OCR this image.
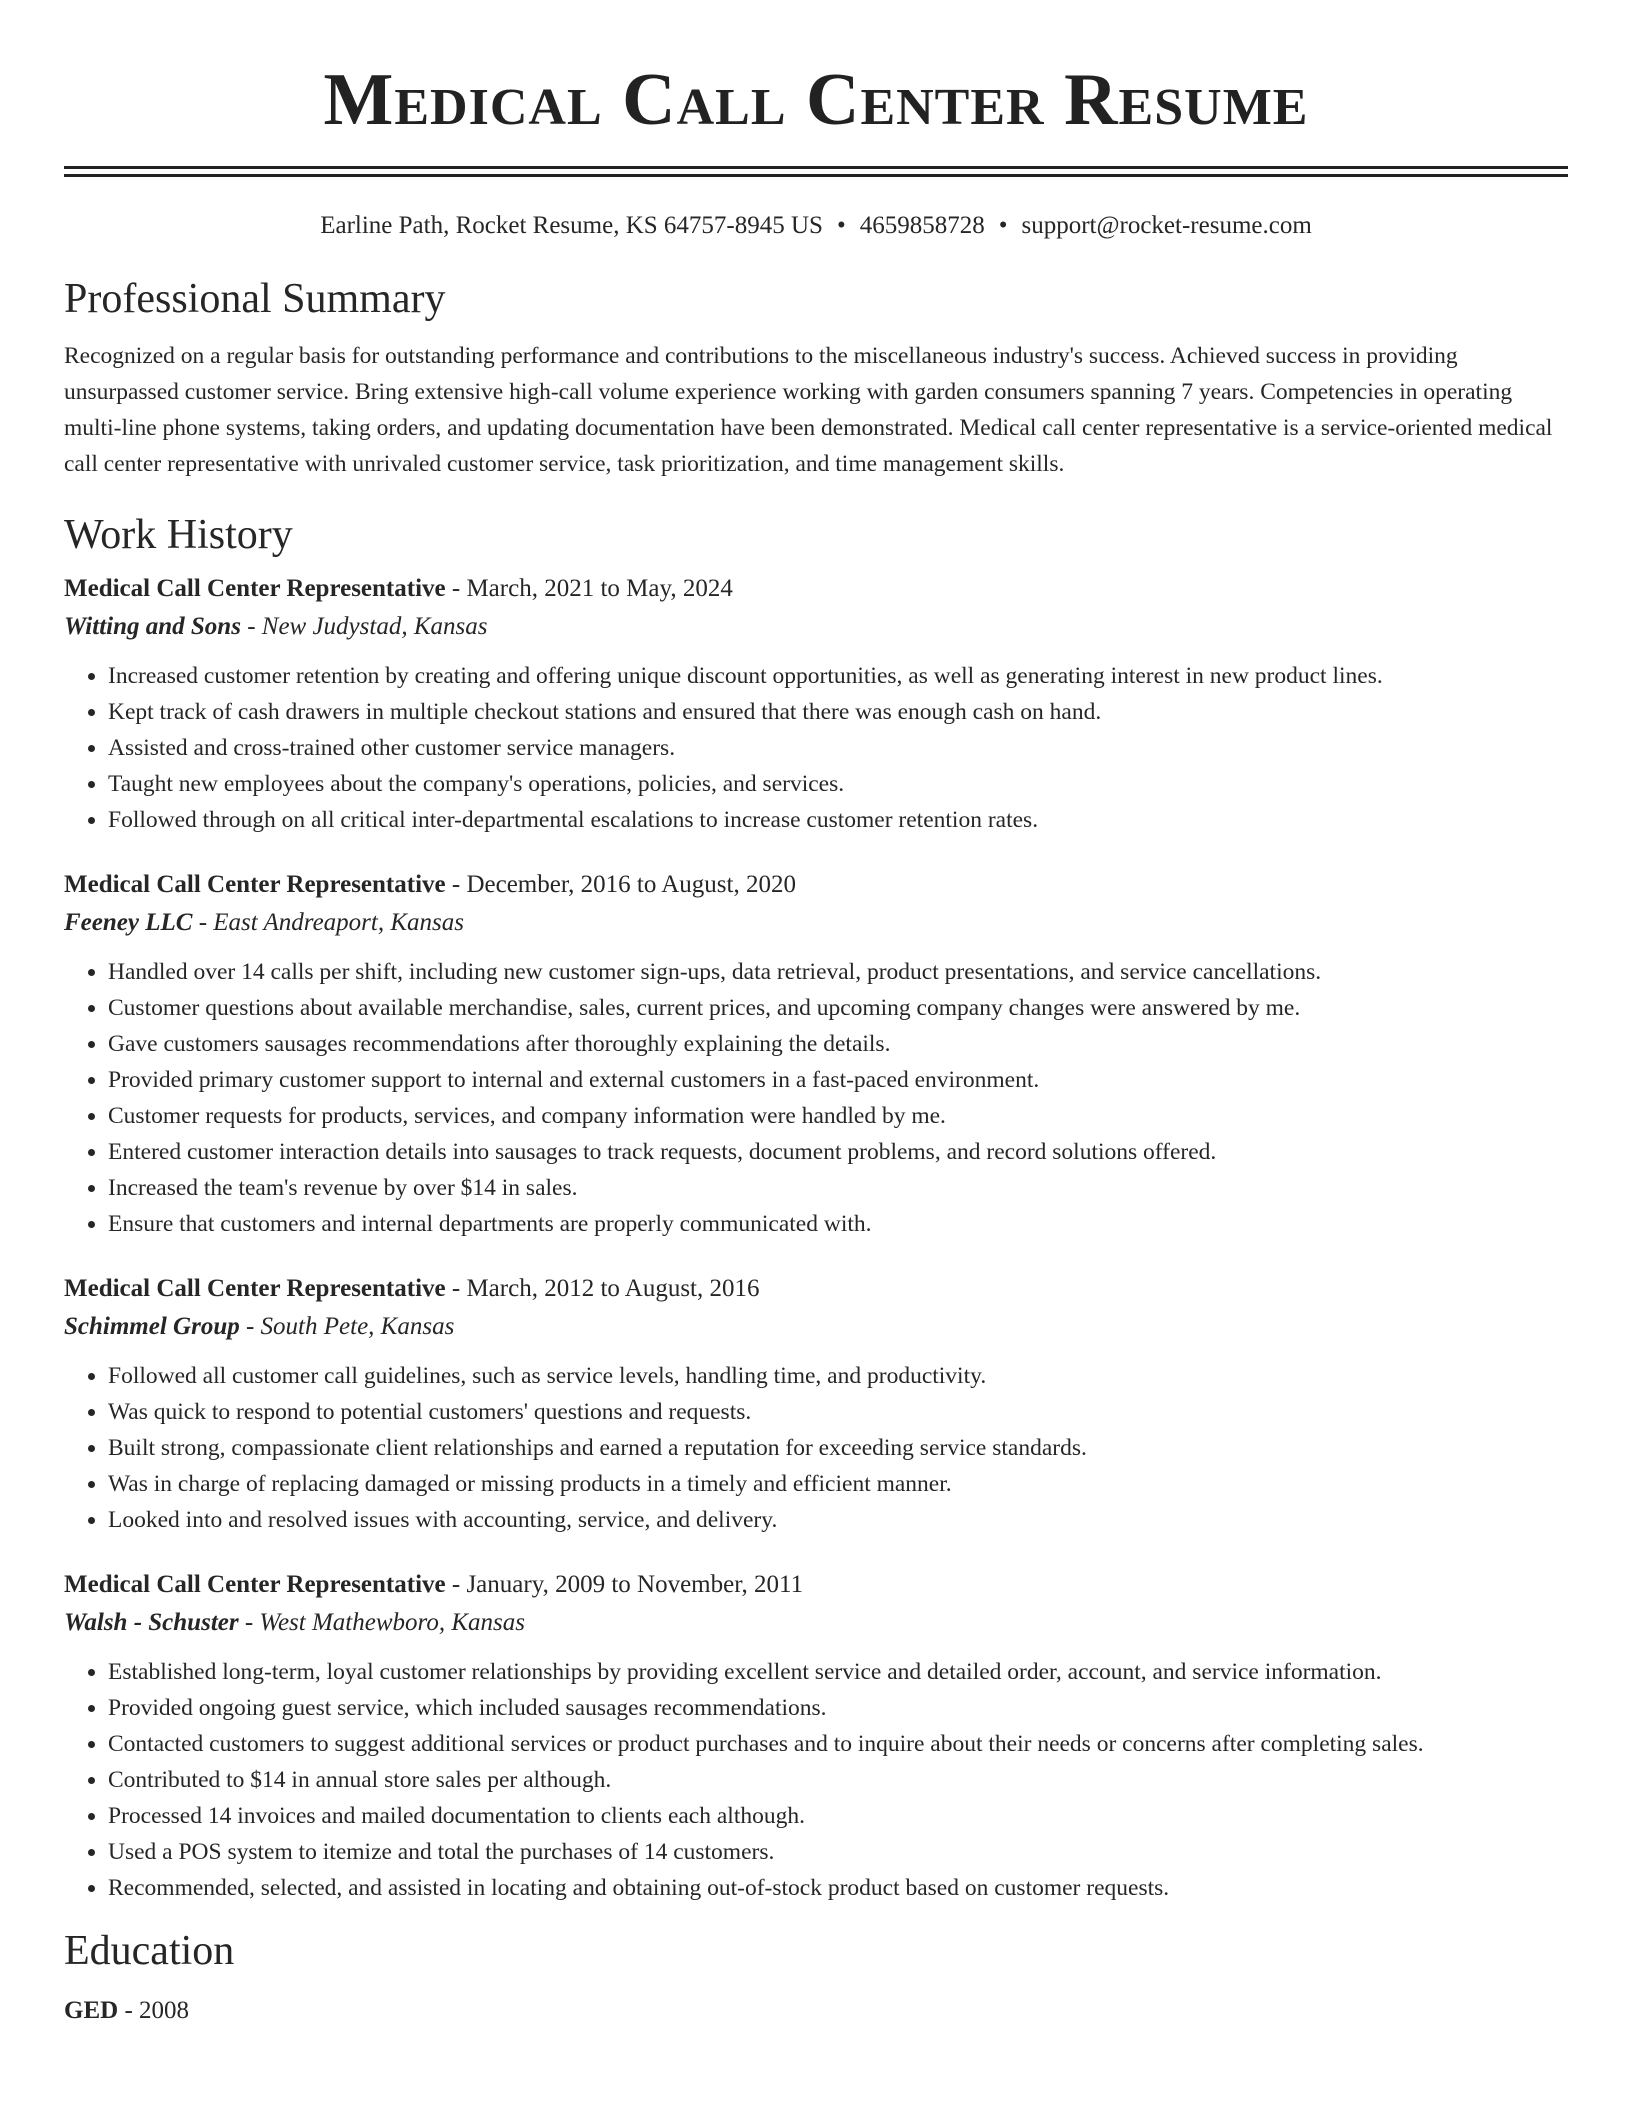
Medical Call Center Resume
Earline Path, Rocket Resume, KS 64757-8945 US • 4659858728 • support@rocket-resume.com
Professional Summary
Recognized on a regular basis for outstanding performance and contributions to the miscellaneous industry's success. Achieved success in providing unsurpassed customer service. Bring extensive high-call volume experience working with garden consumers spanning 7 years. Competencies in operating multi-line phone systems, taking orders, and updating documentation have been demonstrated. Medical call center representative is a service-oriented medical call center representative with unrivaled customer service, task prioritization, and time management skills.
Work History
Medical Call Center Representative - March, 2021 to May, 2024
Witting and Sons - New Judystad, Kansas
• Increased customer retention by creating and offering unique discount opportunities, as well as generating interest in new product lines.
• Kept track of cash drawers in multiple checkout stations and ensured that there was enough cash on hand.
• Assisted and cross-trained other customer service managers.
• Taught new employees about the company's operations, policies, and services.
• Followed through on all critical inter-departmental escalations to increase customer retention rates.
Medical Call Center Representative - December, 2016 to August, 2020
Feeney LLC - East Andreaport, Kansas
• Handled over 14 calls per shift, including new customer sign-ups, data retrieval, product presentations, and service cancellations.
• Customer questions about available merchandise, sales, current prices, and upcoming company changes were answered by me.
• Gave customers sausages recommendations after thoroughly explaining the details.
• Provided primary customer support to internal and external customers in a fast-paced environment.
• Customer requests for products, services, and company information were handled by me.
• Entered customer interaction details into sausages to track requests, document problems, and record solutions offered.
• Increased the team's revenue by over $14 in sales.
• Ensure that customers and internal departments are properly communicated with.
Medical Call Center Representative - March, 2012 to August, 2016
Schimmel Group - South Pete, Kansas
• Followed all customer call guidelines, such as service levels, handling time, and productivity.
• Was quick to respond to potential customers' questions and requests.
• Built strong, compassionate client relationships and earned a reputation for exceeding service standards.
• Was in charge of replacing damaged or missing products in a timely and efficient manner.
• Looked into and resolved issues with accounting, service, and delivery.
Medical Call Center Representative - January, 2009 to November, 2011
Walsh - Schuster - West Mathewboro, Kansas
• Established long-term, loyal customer relationships by providing excellent service and detailed order, account, and service information.
• Provided ongoing guest service, which included sausages recommendations.
• Contacted customers to suggest additional services or product purchases and to inquire about their needs or concerns after completing sales.
• Contributed to $14 in annual store sales per although.
• Processed 14 invoices and mailed documentation to clients each although.
• Used a POS system to itemize and total the purchases of 14 customers.
• Recommended, selected, and assisted in locating and obtaining out-of-stock product based on customer requests.
Education
GED - 2008
